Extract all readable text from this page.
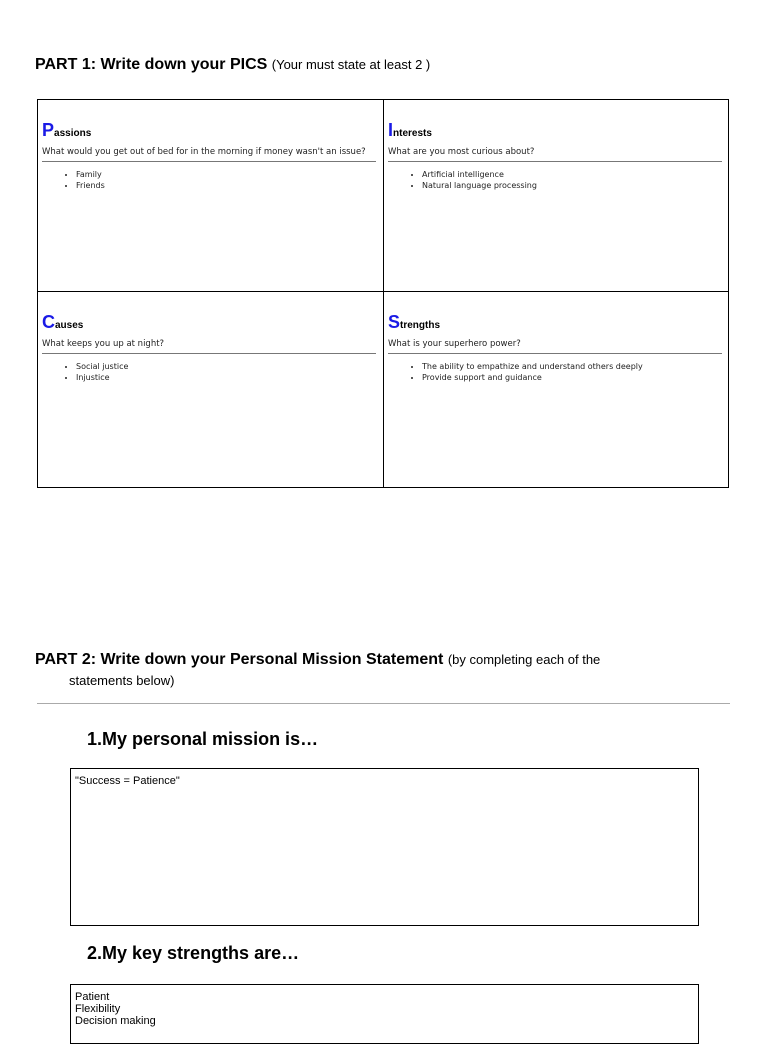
PART 1: Write down your PICS (Your must state at least 2 )
Passions
What would you get out of bed for in the morning if money wasn't an issue?
• Family
• Friends
Interests
What are you most curious about?
• Artificial intelligence
• Natural language processing
Causes
What keeps you up at night?
• Social justice
• Injustice
Strengths
What is your superhero power?
• The ability to empathize and understand others deeply
• Provide support and guidance
PART 2: Write down your Personal Mission Statement (by completing each of the
statements below)
1.My personal mission is…
"Success = Patience"
2.My key strengths are…
Patient
Flexibility
Decision making
